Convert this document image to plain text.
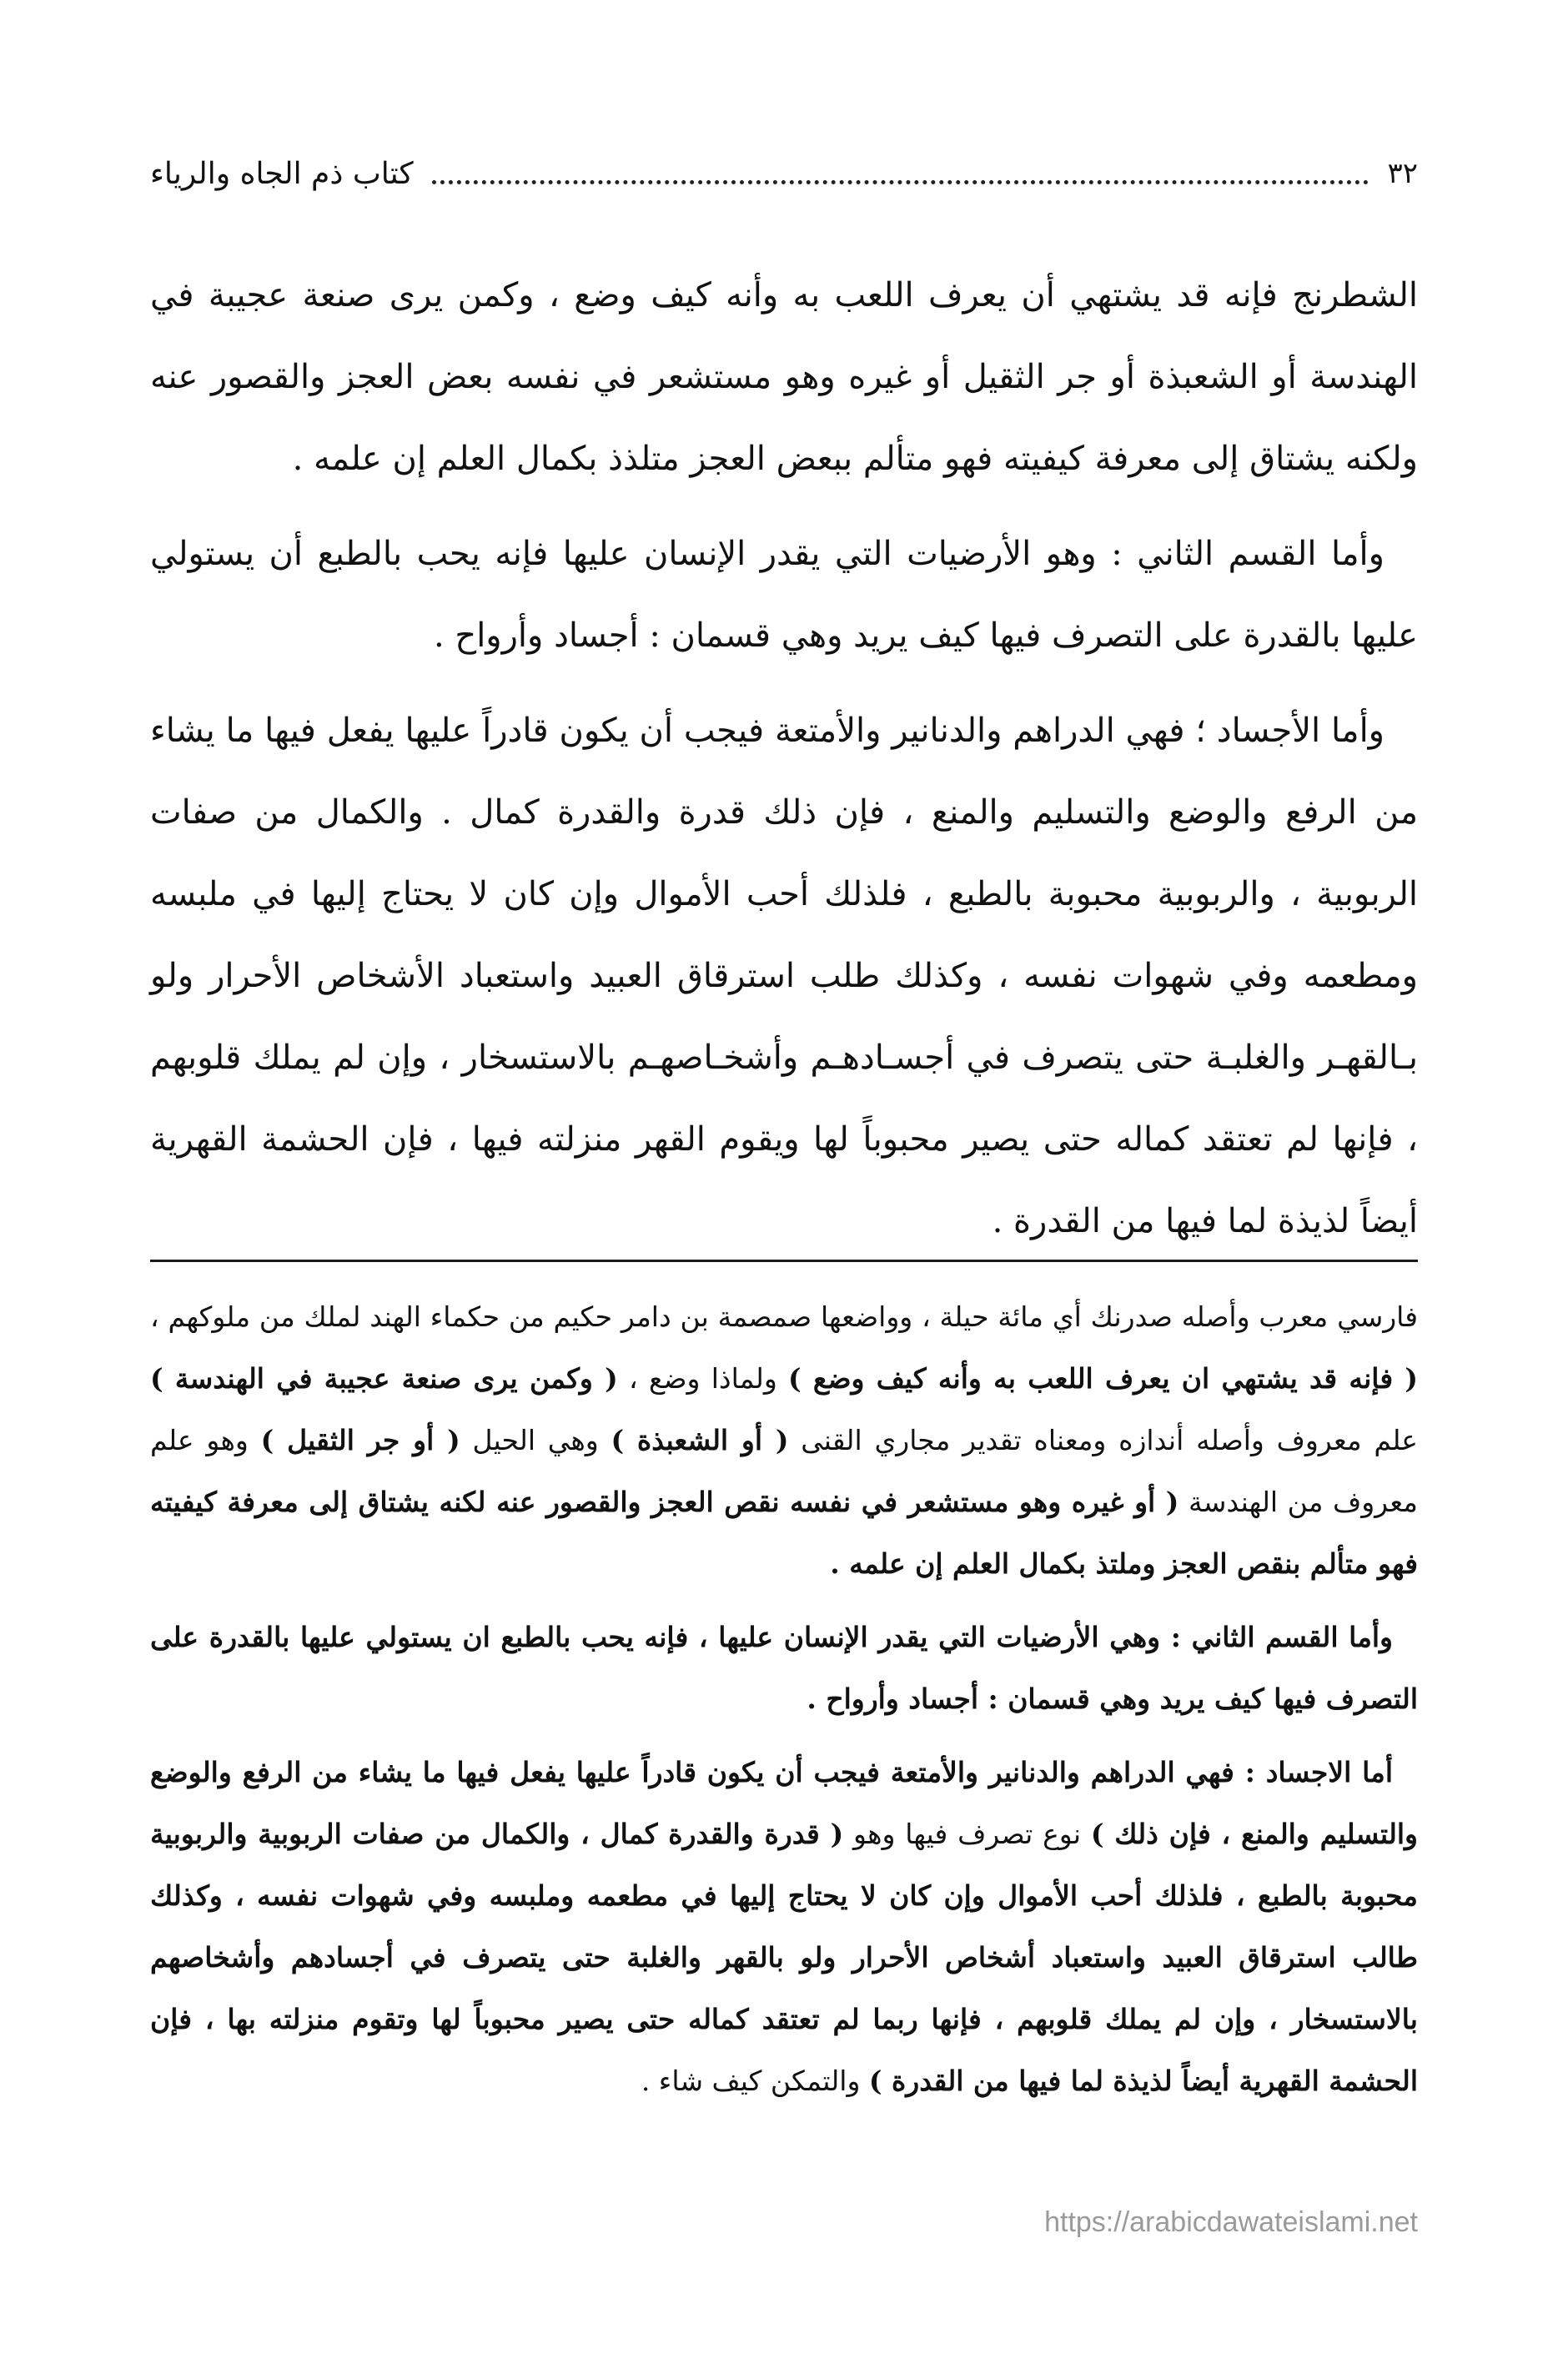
٣٢
كتاب ذم الجاه والرياء

الشطرنج فإنه قد يشتهي أن يعرف اللعب به وأنه كيف وضع ، وكمن يرى صنعة عجيبة في الهندسة أو الشعبذة أو جر الثقيل أو غيره وهو مستشعر في نفسه بعض العجز والقصور عنه ولكنه يشتاق إلى معرفة كيفيته فهو متألم ببعض العجز متلذذ بكمال العلم إن علمه .

وأما القسم الثاني : وهو الأرضيات التي يقدر الإنسان عليها فإنه يحب بالطبع أن يستولي عليها بالقدرة على التصرف فيها كيف يريد وهي قسمان : أجساد وأرواح .

وأما الأجساد ؛ فهي الدراهم والدنانير والأمتعة فيجب أن يكون قادراً عليها يفعل فيها ما يشاء من الرفع والوضع والتسليم والمنع ، فإن ذلك قدرة والقدرة كمال . والكمال من صفات الربوبية ، والربوبية محبوبة بالطبع ، فلذلك أحب الأموال وإن كان لا يحتاج إليها في ملبسه ومطعمه وفي شهوات نفسه ، وكذلك طلب استرقاق العبيد واستعباد الأشخاص الأحرار ولو بـالقهـر والغلبـة حتى يتصرف في أجسـادهـم وأشخـاصهـم بالاستسخار ، وإن لم يملك قلوبهم ، فإنها لم تعتقد كماله حتى يصير محبوباً لها ويقوم القهر منزلته فيها ، فإن الحشمة القهرية أيضاً لذيذة لما فيها من القدرة .

فارسي معرب وأصله صدرنك أي مائة حيلة ، وواضعها صمصمة بن دامر حكيم من حكماء الهند لملك من ملوكهم ، ( فإنه قد يشتهي ان يعرف اللعب به وأنه كيف وضع ) ولماذا وضع ، ( وكمن يرى صنعة عجيبة في الهندسة ) علم معروف وأصله أندازه ومعناه تقدير مجاري القنى ( أو الشعبذة ) وهي الحيل ( أو جر الثقيل ) وهو علم معروف من الهندسة ( أو غيره وهو مستشعر في نفسه نقص العجز والقصور عنه لكنه يشتاق إلى معرفة كيفيته فهو متألم بنقص العجز وملتذ بكمال العلم إن علمه .

وأما القسم الثاني : وهي الأرضيات التي يقدر الإنسان عليها ، فإنه يحب بالطبع ان يستولي عليها بالقدرة على التصرف فيها كيف يريد وهي قسمان : أجساد وأرواح .

أما الاجساد : فهي الدراهم والدنانير والأمتعة فيجب أن يكون قادراً عليها يفعل فيها ما يشاء من الرفع والوضع والتسليم والمنع ، فإن ذلك ) نوع تصرف فيها وهو ( قدرة والقدرة كمال ، والكمال من صفات الربوبية والربوبية محبوبة بالطبع ، فلذلك أحب الأموال وإن كان لا يحتاج إليها في مطعمه وملبسه وفي شهوات نفسه ، وكذلك طالب استرقاق العبيد واستعباد أشخاص الأحرار ولو بالقهر والغلبة حتى يتصرف في أجسادهم وأشخاصهم بالاستسخار ، وإن لم يملك قلوبهم ، فإنها ربما لم تعتقد كماله حتى يصير محبوباً لها وتقوم منزلته بها ، فإن الحشمة القهرية أيضاً لذيذة لما فيها من القدرة ) والتمكن كيف شاء .

https://arabicdawateislami.net
